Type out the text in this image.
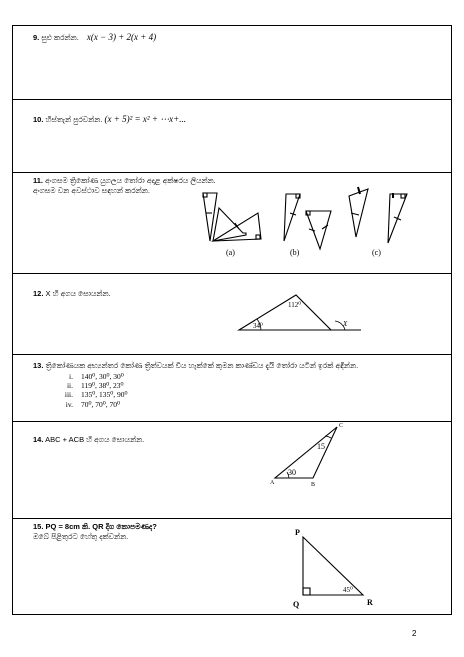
9. සුළු කරන්න. x(x − 3) + 2(x + 4)
10. හිස්තැන් පුරවන්න. (x + 5)² = x² + ⋯x+...
11. අංගසම ත්‍රිකෝණ යුගලය තෝරා අදාළ අක්ෂරය ලියන්න.
අංගසම වන අවස්ථාව සඳහන් කරන්න.
(a)	(b)	(c)
12. X හි අගය සොයන්න.
112⁰
34⁰	X
13. ත්‍රිකෝණයක අභ්‍යන්තර කෝණ ත්‍රිත්වයක් විය හැක්කේ කුමන කාණ්ඩය දැයි තෝරා යටින් ඉරක් අඳින්න.
i.	140⁰, 30⁰, 30⁰
ii.	119⁰, 38⁰, 23⁰
iii.	135⁰, 135⁰, 90⁰
iv.	70⁰, 70⁰, 70⁰
14. ABC + ACB හි අගය සොයන්න.
A	B
C
30
15
15. PQ = 8cm කි. QR දිග කොපමණද?
ඔබේ පිළිතුරට හේතු දක්වන්න.	P
Q	R
45⁰
2
